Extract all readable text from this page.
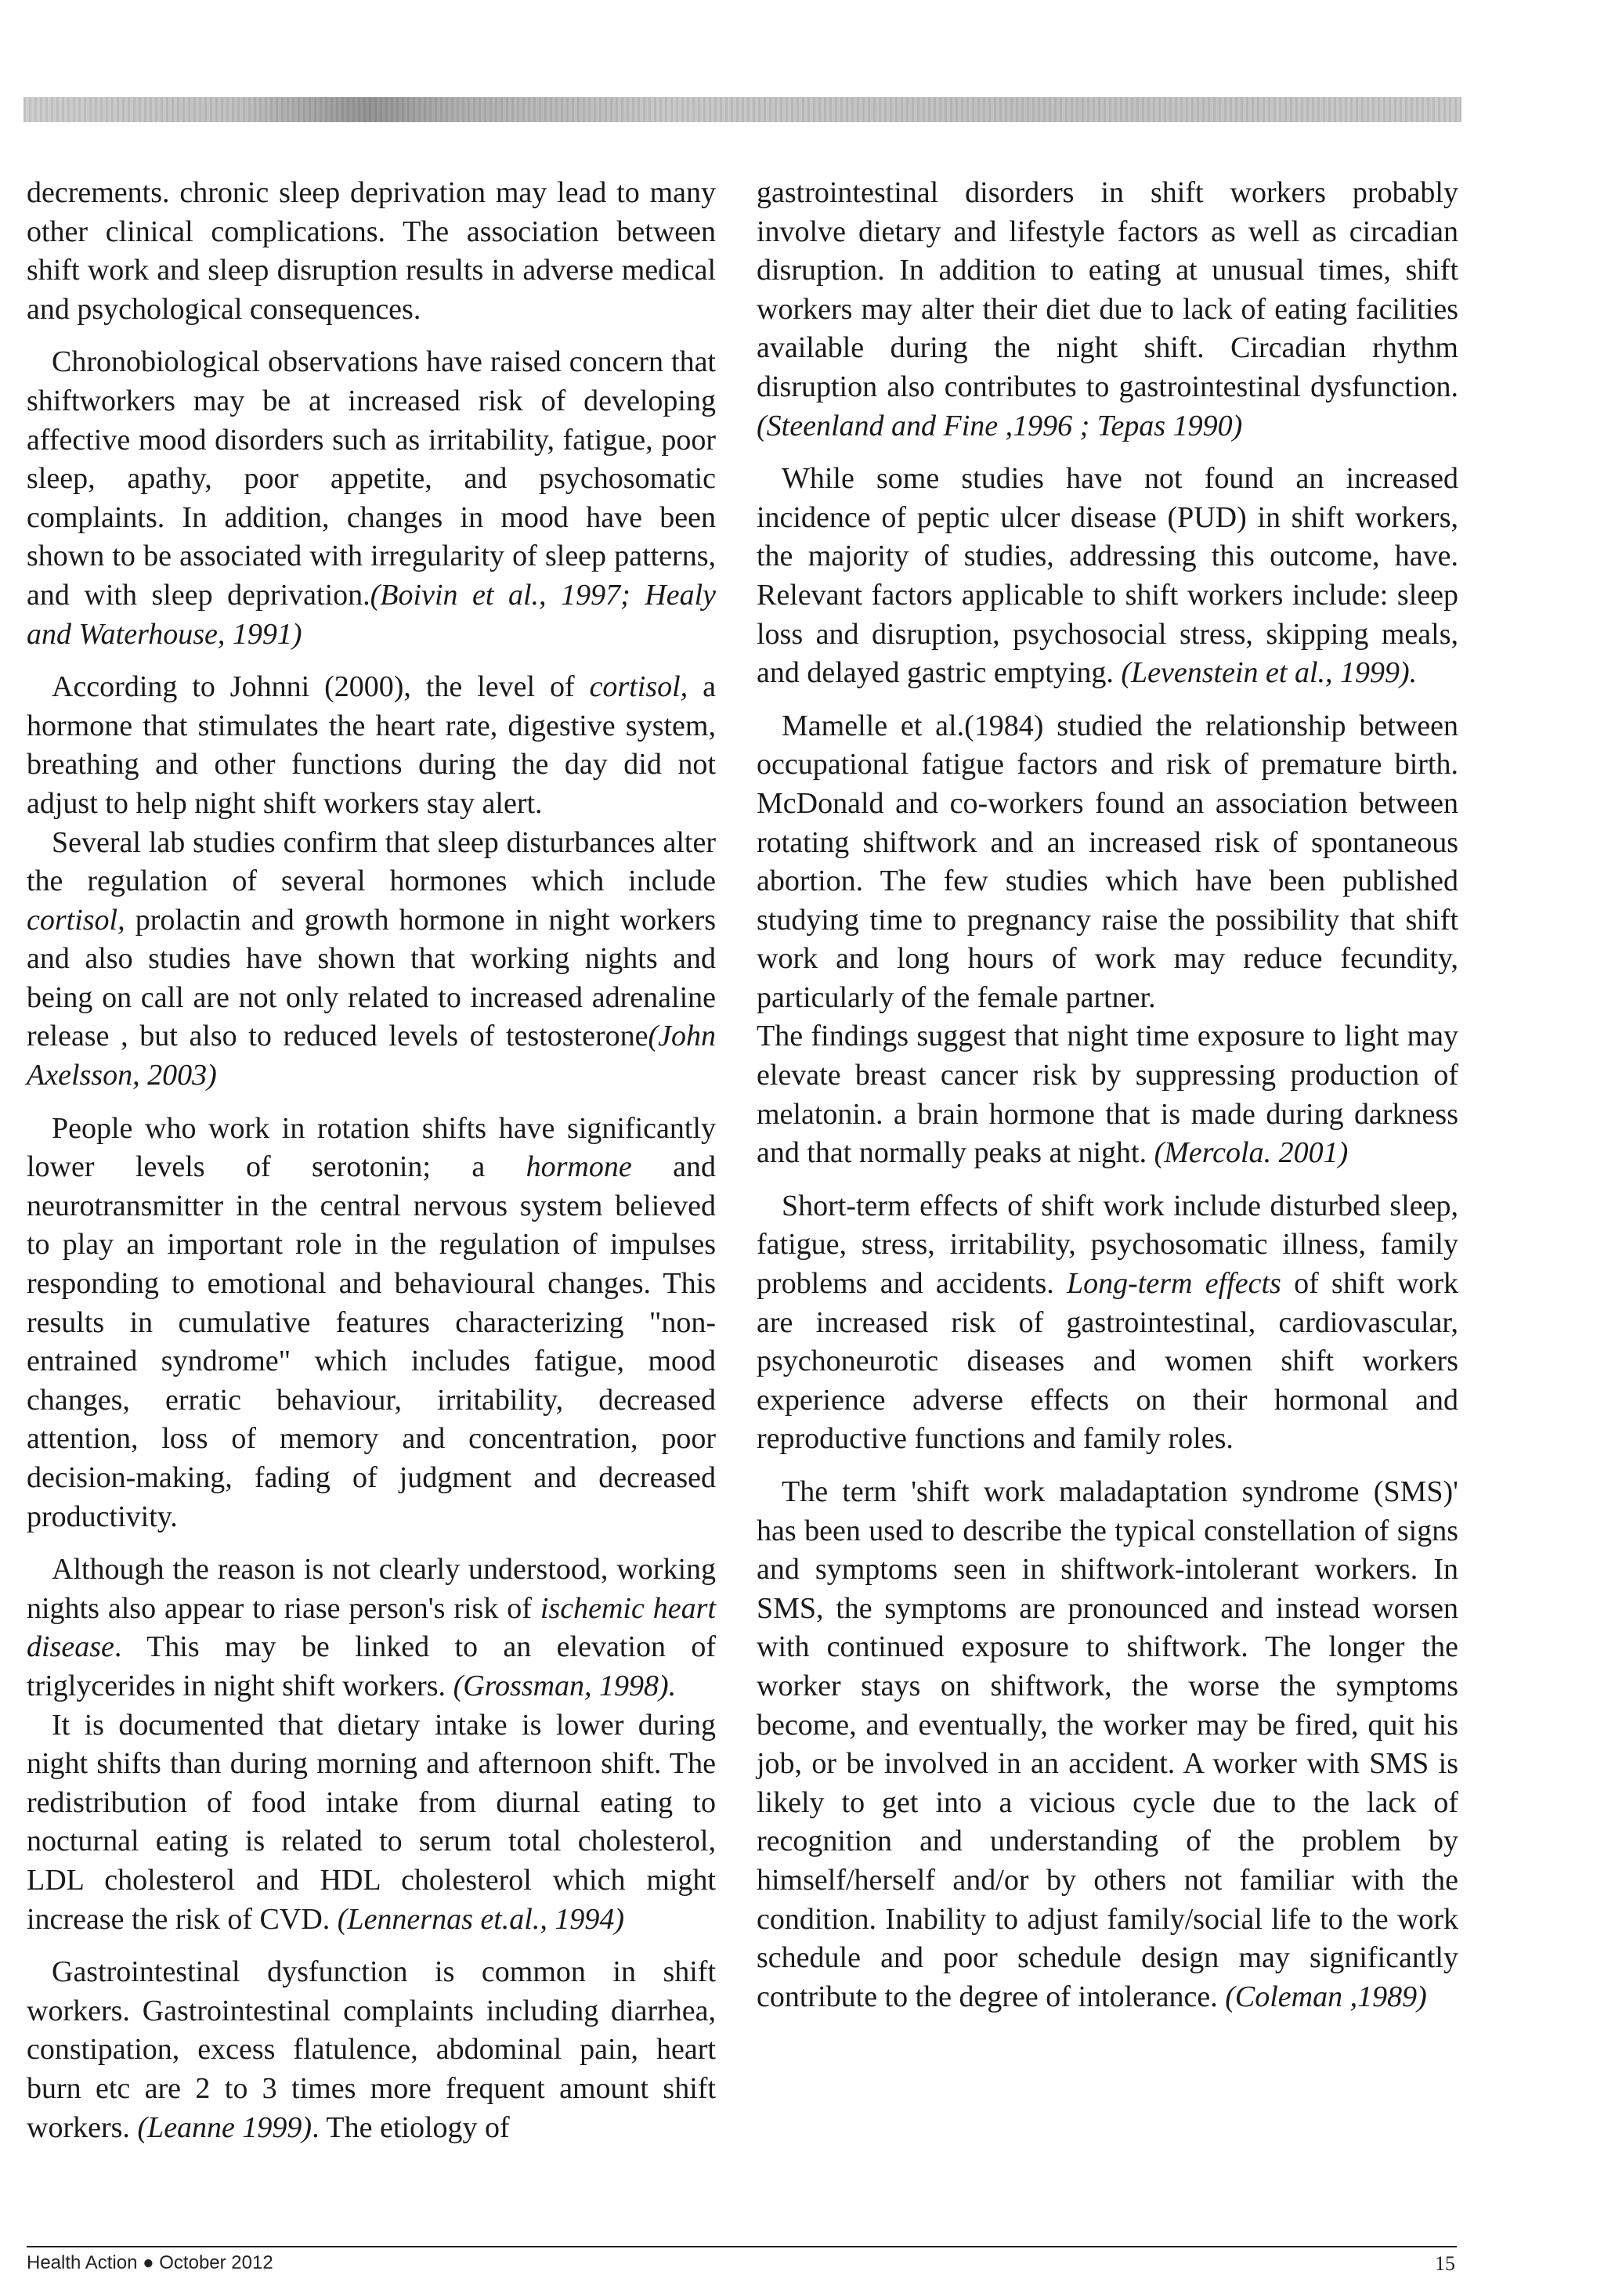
decrements. chronic sleep deprivation may lead to many other clinical complications. The association between shift work and sleep disruption results in adverse medical and psychological consequences.

Chronobiological observations have raised concern that shiftworkers may be at increased risk of developing affective mood disorders such as irritability, fatigue, poor sleep, apathy, poor appetite, and psychosomatic complaints. In addition, changes in mood have been shown to be associated with irregularity of sleep patterns, and with sleep deprivation.(Boivin et al., 1997; Healy and Waterhouse, 1991)

According to Johnni (2000), the level of cortisol, a hormone that stimulates the heart rate, digestive system, breathing and other functions during the day did not adjust to help night shift workers stay alert.

Several lab studies confirm that sleep disturbances alter the regulation of several hormones which include cortisol, prolactin and growth hormone in night workers and also studies have shown that working nights and being on call are not only related to increased adrenaline release , but also to reduced levels of testosterone(John Axelsson, 2003)

People who work in rotation shifts have significantly lower levels of serotonin; a hormone and neurotransmitter in the central nervous system believed to play an important role in the regulation of impulses responding to emotional and behavioural changes. This results in cumulative features characterizing "non-entrained syndrome" which includes fatigue, mood changes, erratic behaviour, irritability, decreased attention, loss of memory and concentration, poor decision-making, fading of judgment and decreased productivity.

Although the reason is not clearly understood, working nights also appear to riase person's risk of ischemic heart disease. This may be linked to an elevation of triglycerides in night shift workers. (Grossman, 1998).

It is documented that dietary intake is lower during night shifts than during morning and afternoon shift. The redistribution of food intake from diurnal eating to nocturnal eating is related to serum total cholesterol, LDL cholesterol and HDL cholesterol which might increase the risk of CVD. (Lennernas et.al., 1994)

Gastrointestinal dysfunction is common in shift workers. Gastrointestinal complaints including diarrhea, constipation, excess flatulence, abdominal pain, heart burn etc are 2 to 3 times more frequent amount shift workers. (Leanne 1999). The etiology of

gastrointestinal disorders in shift workers probably involve dietary and lifestyle factors as well as circadian disruption. In addition to eating at unusual times, shift workers may alter their diet due to lack of eating facilities available during the night shift. Circadian rhythm disruption also contributes to gastrointestinal dysfunction. (Steenland and Fine ,1996 ; Tepas 1990)

While some studies have not found an increased incidence of peptic ulcer disease (PUD) in shift workers, the majority of studies, addressing this outcome, have. Relevant factors applicable to shift workers include: sleep loss and disruption, psychosocial stress, skipping meals, and delayed gastric emptying. (Levenstein et al., 1999).

Mamelle et al.(1984) studied the relationship between occupational fatigue factors and risk of premature birth. McDonald and co-workers found an association between rotating shiftwork and an increased risk of spontaneous abortion. The few studies which have been published studying time to pregnancy raise the possibility that shift work and long hours of work may reduce fecundity, particularly of the female partner.

The findings suggest that night time exposure to light may elevate breast cancer risk by suppressing production of melatonin. a brain hormone that is made during darkness and that normally peaks at night. (Mercola. 2001)

Short-term effects of shift work include disturbed sleep, fatigue, stress, irritability, psychosomatic illness, family problems and accidents. Long-term effects of shift work are increased risk of gastrointestinal, cardiovascular, psychoneurotic diseases and women shift workers experience adverse effects on their hormonal and reproductive functions and family roles.

The term 'shift work maladaptation syndrome (SMS)' has been used to describe the typical constellation of signs and symptoms seen in shiftwork-intolerant workers. In SMS, the symptoms are pronounced and instead worsen with continued exposure to shiftwork. The longer the worker stays on shiftwork, the worse the symptoms become, and eventually, the worker may be fired, quit his job, or be involved in an accident. A worker with SMS is likely to get into a vicious cycle due to the lack of recognition and understanding of the problem by himself/herself and/or by others not familiar with the condition. Inability to adjust family/social life to the work schedule and poor schedule design may significantly contribute to the degree of intolerance. (Coleman ,1989)

Health Action ● October 2012	15
